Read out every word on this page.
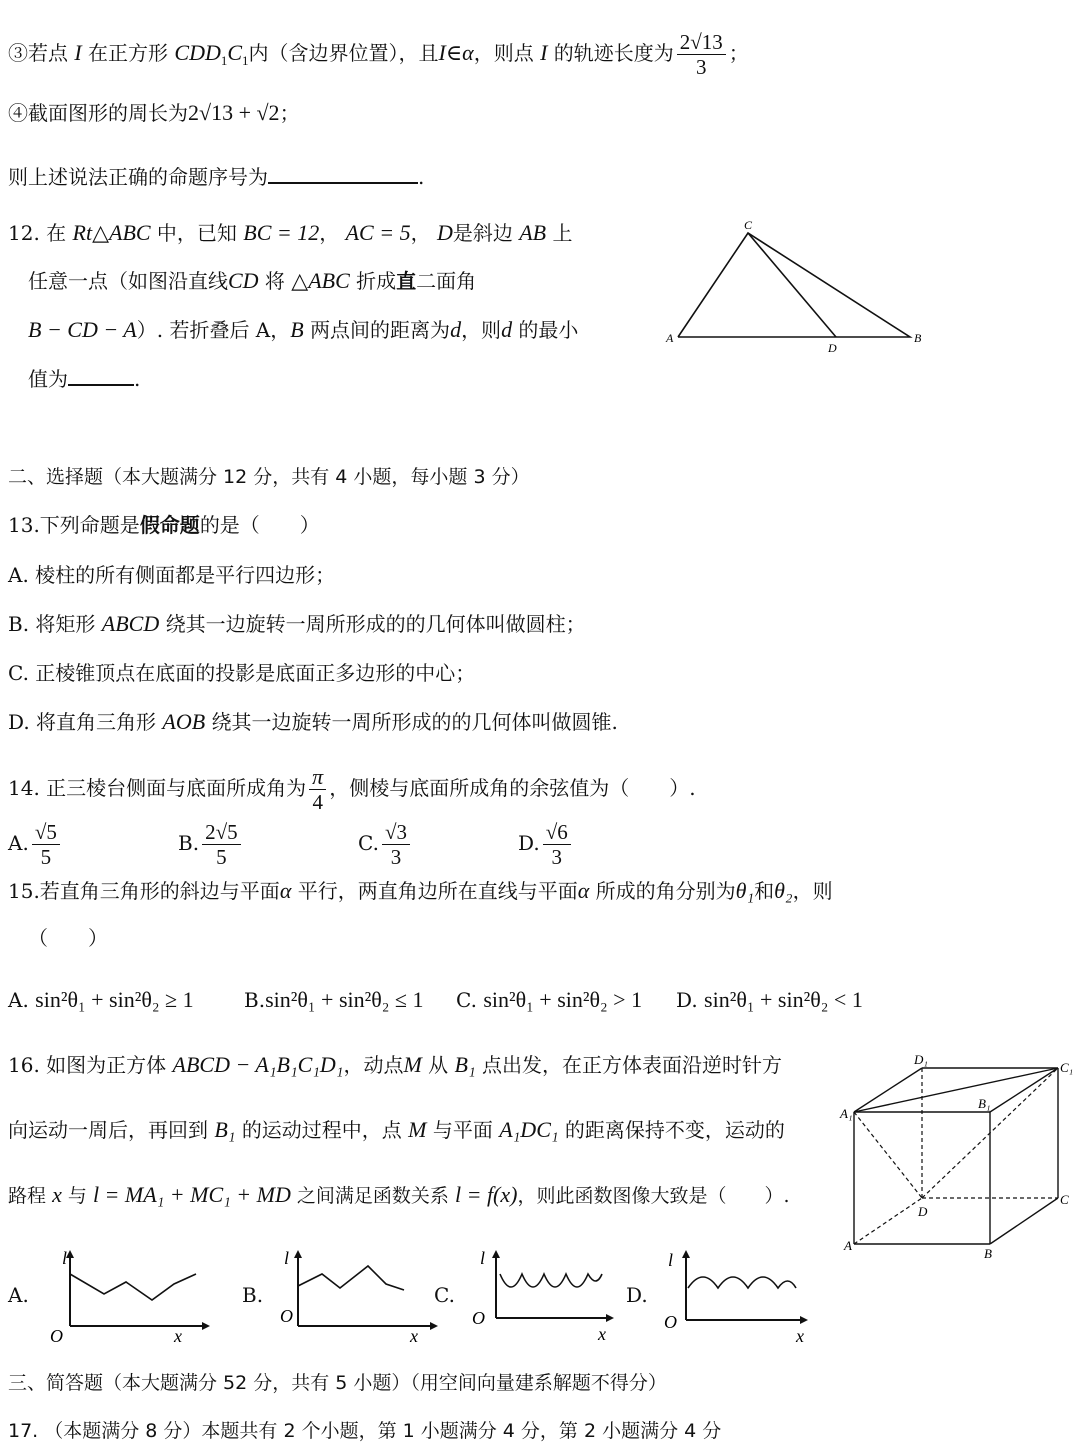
③若点 I 在正方形 $CDD_1C_1$内（含边界位置），且I∈α，则点 I 的轨迹长度为 $\frac{2√13}{3}$ ；
④截面图形的周长为2√13 + √2；
则上述说法正确的命题序号为	.
12. 在 Rt△ABC 中，已知 BC = 12， AC = 5， D是斜边 AB 上
任意一点（如图沿直线CD 将 △ABC 折成直二面角
B − CD − A）. 若折叠后 A，B 两点间的距离为d，则d 的最小
值为	.
C
A	B
D
二、选择题（本大题满分 12 分，共有 4 小题，每小题 3 分）
13.下列命题是假命题的是（　　）
A. 棱柱的所有侧面都是平行四边形；
B. 将矩形 ABCD 绕其一边旋转一周所形成的的几何体叫做圆柱；
C. 正棱锥顶点在底面的投影是底面正多边形的中心；
D. 将直角三角形 AOB 绕其一边旋转一周所形成的的几何体叫做圆锥.
14. 正三棱台侧面与底面所成角为 $\frac{\pi}{4}$ ，侧棱与底面所成角的余弦值为（　　）.
A. $\frac{√5}{5}$	B. $\frac{2√5}{5}$	C. $\frac{√3}{3}$	D. $\frac{√6}{3}$
15.若直角三角形的斜边与平面α 平行，两直角边所在直线与平面α 所成的角分别为θ₁和θ₂，则
（　　）
A. sin²θ₁ + sin²θ₂ ≥ 1	B.sin²θ₁ + sin²θ₂ ≤ 1 C. sin²θ₁ + sin²θ₂ > 1 D. sin²θ₁ + sin²θ₂ < 1
16. 如图为正方体 ABCD − A₁B₁C₁D₁，动点M 从 B₁ 点出发，在正方体表面沿逆时针方
向运动一周后，再回到 B₁ 的运动过程中，点 M 与平面 A₁DC₁ 的距离保持不变，运动的
路程 x 与 l = MA₁ + MC₁ + MD 之间满足函数关系 l = f(x)，则此函数图像大致是（　　）.
D₁
C₁
A₁
B₁
D
C
A
B
A.
l
O	x
B.
l
O
x
C.
l
O
x
D.
l
O
x
三、简答题（本大题满分 52 分，共有 5 小题）（用空间向量建系解题不得分）
17. （本题满分 8 分）本题共有 2 个小题，第 1 小题满分 4 分，第 2 小题满分 4 分
